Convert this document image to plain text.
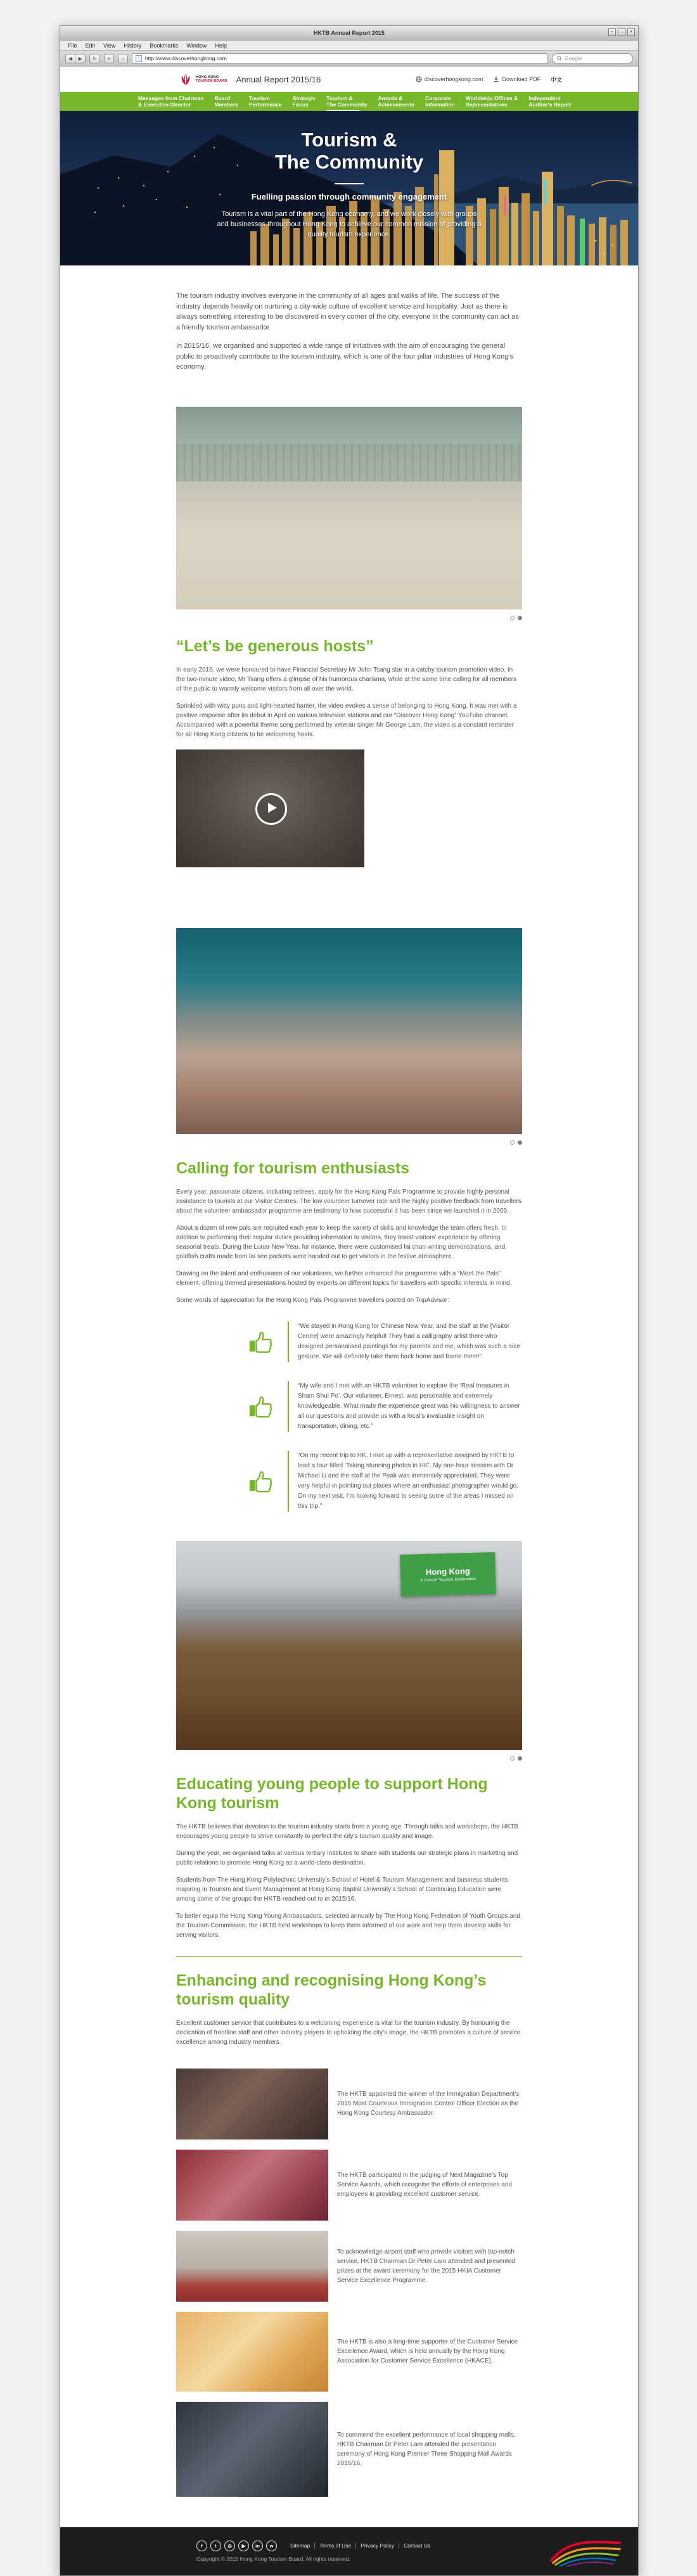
HKTB Annual Report 2015	–	□	×
File Edit View History Bookmarks Window Help
◀	▶	↻	+	⌂	http://www.discoverhongkong.com	Google
HONG KONG
TOURISM BOARD Annual Report 2015/16	discoverhongkong.com	Download PDF 中文
Messages from Chairman
& Executive Director
Board
Members
Tourism
Performance
Strategic
Focus
Tourism &
The Community
Awards &
Achievements
Corporate
Information
Worldwide Offices &
Representatives
Independent
Auditor’s Report
Tourism &
The Community
Fuelling passion through community engagement
Tourism is a vital part of the Hong Kong economy, and we work closely with groups and businesses throughout Hong Kong to achieve our common mission of providing a quality tourism experience.

The tourism industry involves everyone in the community of all ages and walks of life. The success of the industry depends heavily on nurturing a city-wide culture of excellent service and hospitality. Just as there is always something interesting to be discovered in every corner of the city, everyone in the community can act as a friendly tourism ambassador.

In 2015/16, we organised and supported a wide range of initiatives with the aim of encouraging the general public to proactively contribute to the tourism industry, which is one of the four pillar industries of Hong Kong’s economy.

“Let’s be generous hosts”

In early 2016, we were honoured to have Financial Secretary Mr John Tsang star in a catchy tourism promotion video. In the two-minute video, Mr Tsang offers a glimpse of his humorous charisma, while at the same time calling for all members of the public to warmly welcome visitors from all over the world.

Sprinkled with witty puns and light-hearted banter, the video evokes a sense of belonging to Hong Kong. It was met with a positive response after its debut in April on various television stations and our “Discover Hong Kong” YouTube channel. Accompanied with a powerful theme song performed by veteran singer Mr George Lam, the video is a constant reminder for all Hong Kong citizens to be welcoming hosts.

Calling for tourism enthusiasts

Every year, passionate citizens, including retirees, apply for the Hong Kong Pals Programme to provide highly personal assistance to tourists at our Visitor Centres. The low volunteer turnover rate and the highly positive feedback from travellers about the volunteer ambassador programme are testimony to how successful it has been since we launched it in 2009.

About a dozen of new pals are recruited each year to keep the variety of skills and knowledge the team offers fresh. In addition to performing their regular duties providing information to visitors, they boost visitors’ experience by offering seasonal treats. During the Lunar New Year, for instance, there were customised fai chun writing demonstrations, and goldfish crafts made from lai see packets were handed out to get visitors in the festive atmosphere.

Drawing on the talent and enthusiasm of our volunteers, we further enhanced the programme with a “Meet the Pals” element, offering themed presentations hosted by experts on different topics for travellers with specific interests in mind.

Some words of appreciation for the Hong Kong Pals Programme travellers posted on TripAdvisor:

“We stayed in Hong Kong for Chinese New Year, and the staff at the [Visitor Centre] were amazingly helpful! They had a calligraphy artist there who designed personalised paintings for my parents and me, which was such a nice gesture. We will definitely take them back home and frame them!”
“My wife and I met with an HKTB volunteer to explore the ‘Real treasures in Sham Shui Po’. Our volunteer, Ernest, was personable and extremely knowledgeable. What made the experience great was his willingness to answer all our questions and provide us with a local’s invaluable insight on transportation, dining, etc.”
“On my recent trip to HK, I met up with a representative assigned by HKTB to lead a tour titled ‘Taking stunning photos in HK’. My one-hour session with Dr Michael Li and the staff at the Peak was immensely appreciated. They were very helpful in pointing out places where an enthusiast photographer would go. On my next visit, I’m looking forward to seeing some of the areas I missed on this trip.”
Hong Kong
A Culture Tourism Destination
Educating young people to support Hong Kong tourism

The HKTB believes that devotion to the tourism industry starts from a young age. Through talks and workshops, the HKTB encourages young people to strive constantly to perfect the city’s tourism quality and image.

During the year, we organised talks at various tertiary institutes to share with students our strategic plans in marketing and public relations to promote Hong Kong as a world-class destination.

Students from The Hong Kong Polytechnic University’s School of Hotel & Tourism Management and business students majoring in Tourism and Event Management at Hong Kong Baptist University’s School of Continuing Education were among some of the groups the HKTB reached out to in 2015/16.

To better equip the Hong Kong Young Ambassadors, selected annually by The Hong Kong Federation of Youth Groups and the Tourism Commission, the HKTB held workshops to keep them informed of our work and help them develop skills for serving visitors.

Enhancing and recognising Hong Kong’s tourism quality

Excellent customer service that contributes to a welcoming experience is vital for the tourism industry. By honouring the dedication of frontline staff and other industry players to upholding the city’s image, the HKTB promotes a culture of service excellence among industry members.

The HKTB appointed the winner of the Immigration Department’s 2015 Most Courteous Immigration Control Officer Election as the Hong Kong Courtesy Ambassador.
The HKTB participated in the judging of Next Magazine’s Top Service Awards, which recognise the efforts of enterprises and employees in providing excellent customer service.
To acknowledge airport staff who provide visitors with top-notch service, HKTB Chairman Dr Peter Lam attended and presented prizes at the award ceremony for the 2015 HKIA Customer Service Excellence Programme.
The HKTB is also a long-time supporter of the Customer Service Excellence Award, which is held annually by the Hong Kong Association for Customer Service Excellence (HKACE).
To commend the excellent performance of local shopping malls, HKTB Chairman Dr Peter Lam attended the presentation ceremony of Hong Kong Premier Three Shopping Mall Awards 2015/16.
f	t	◎	▶	in	w	Sitemap	Terms of Use	Privacy Policy	Contact Us
Copyright © 2015 Hong Kong Tourism Board. All rights reserved.
